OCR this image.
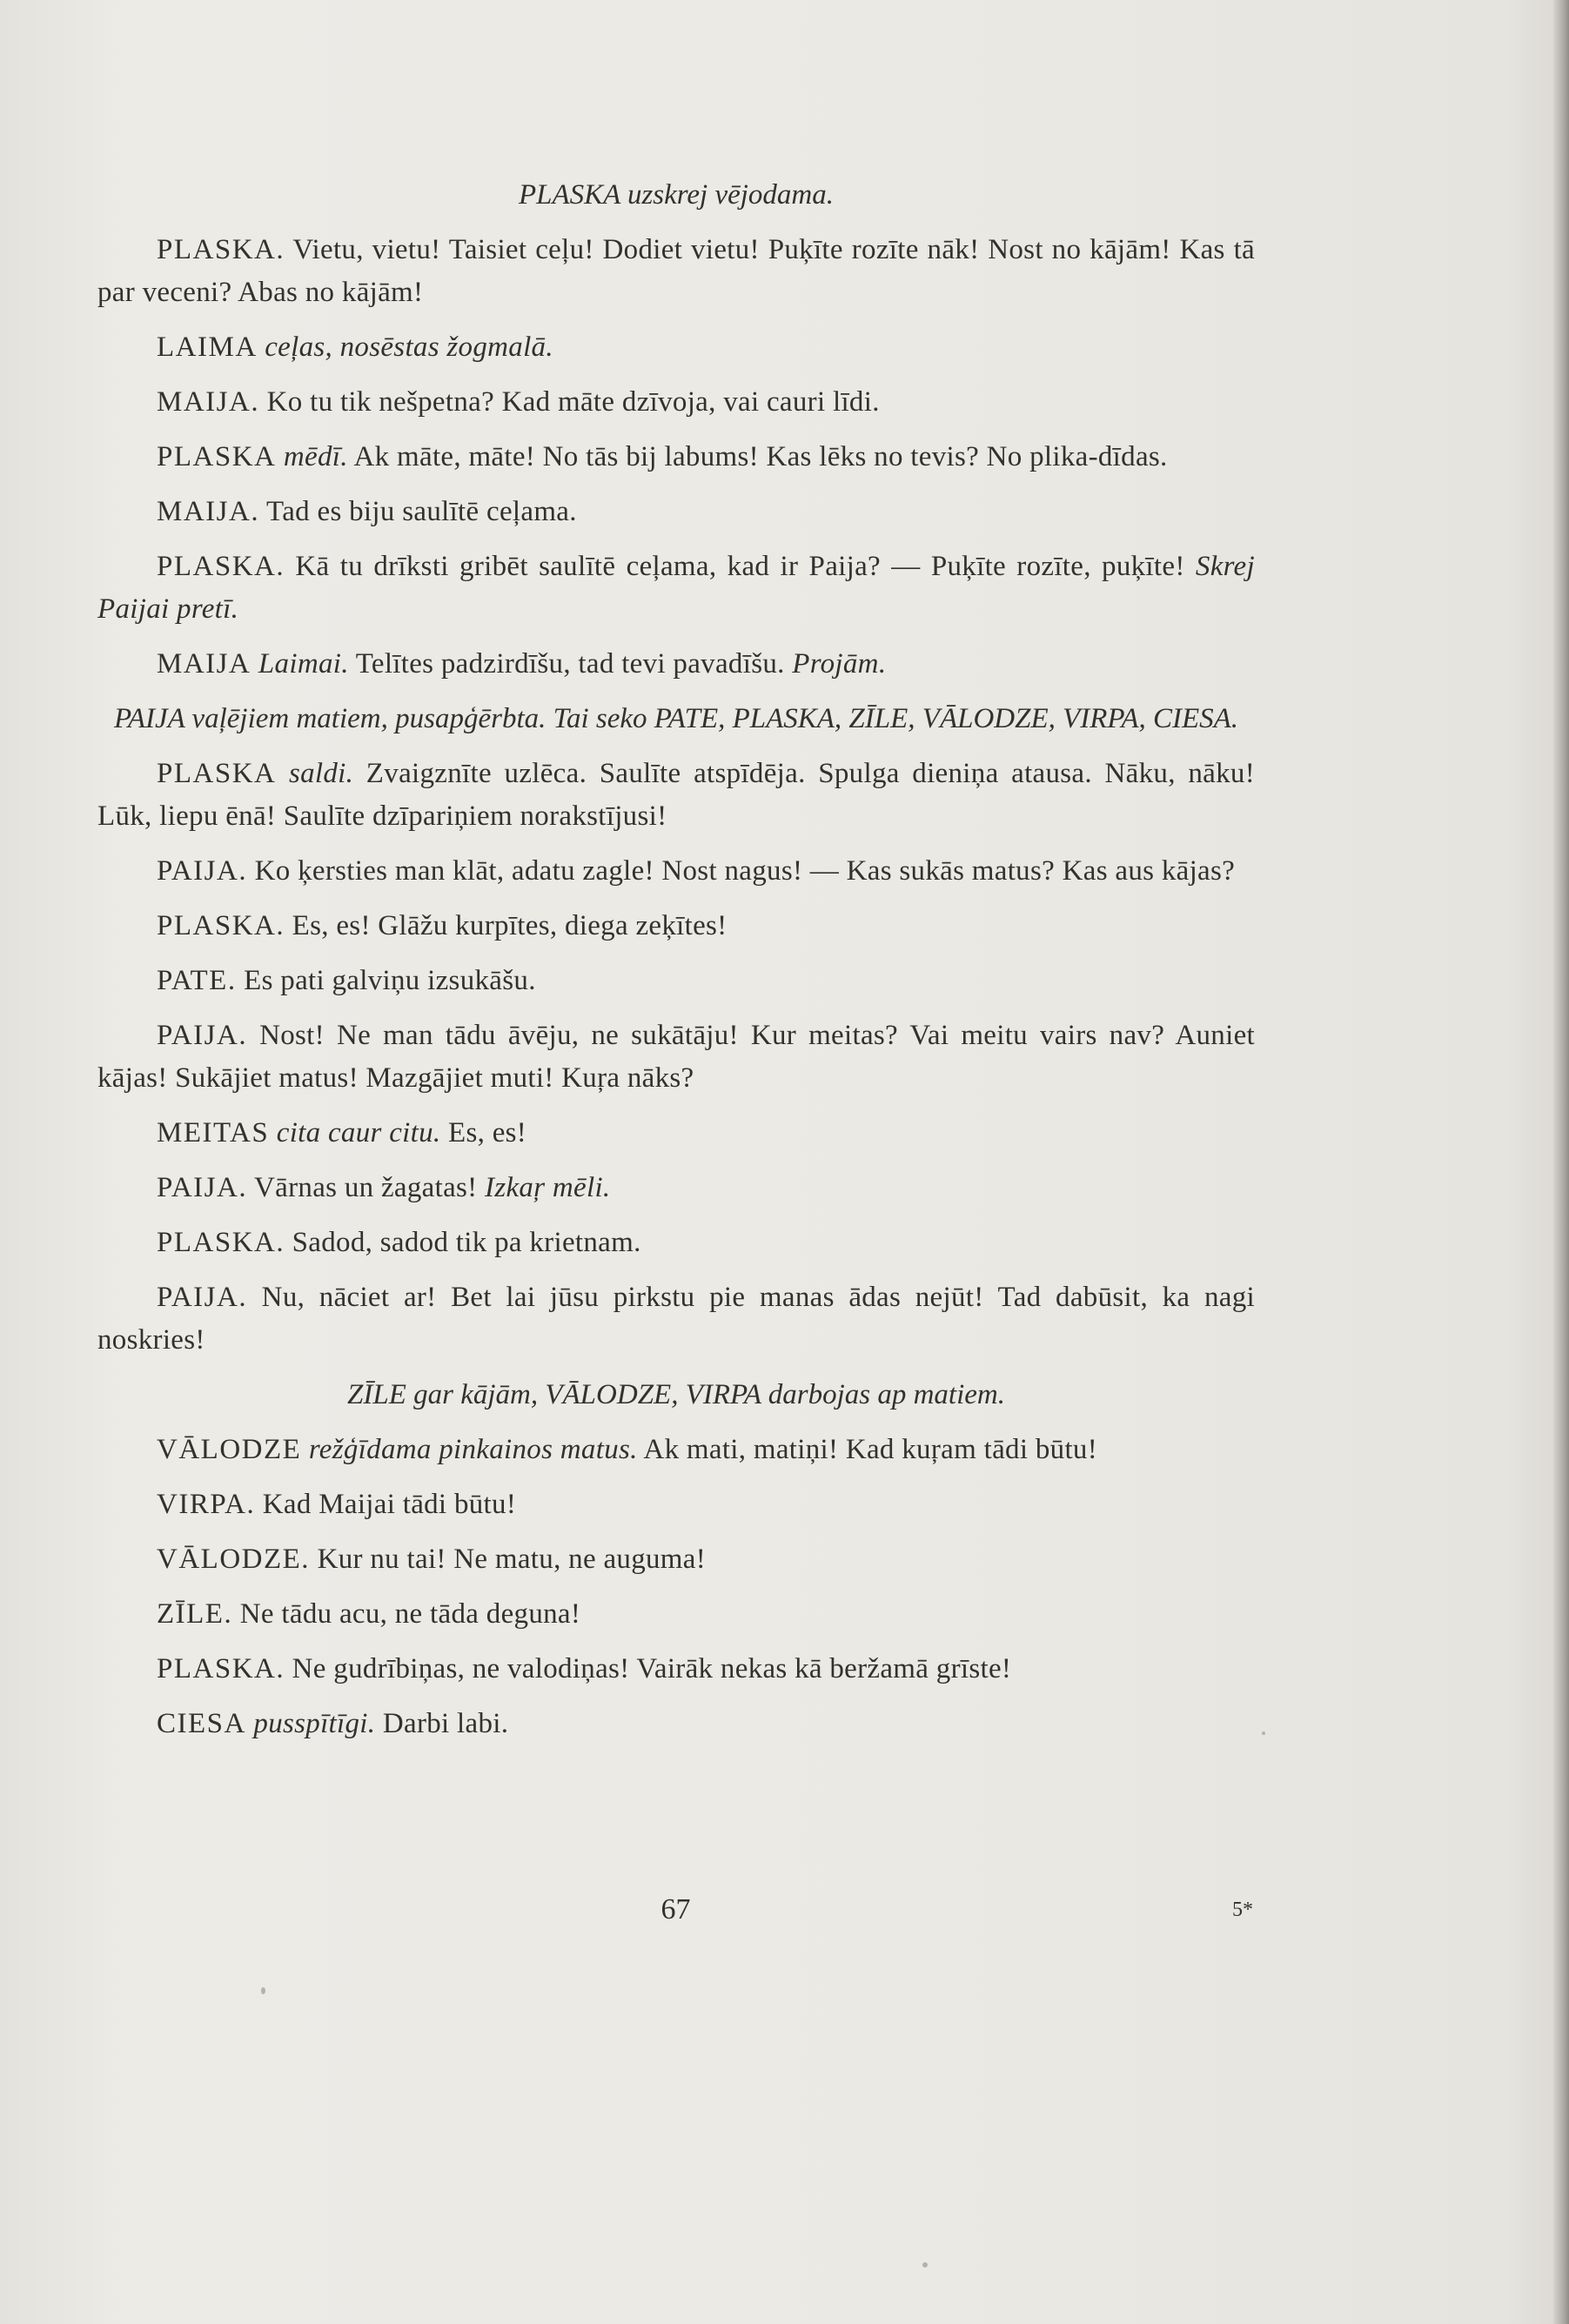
PLASKA uzskrej vējodama.

PLASKA. Vietu, vietu! Taisiet ceļu! Dodiet vietu! Puķīte rozīte nāk! Nost no kājām! Kas tā par veceni? Abas no kājām!

LAIMA ceļas, nosēstas žogmalā.

MAIJA. Ko tu tik nešpetna? Kad māte dzīvoja, vai cauri līdi.

PLASKA mēdī. Ak māte, māte! No tās bij labums! Kas lēks no tevis? No plika-dīdas.

MAIJA. Tad es biju saulītē ceļama.

PLASKA. Kā tu drīksti gribēt saulītē ceļama, kad ir Paija? — Puķīte rozīte, puķīte! Skrej Paijai pretī.

MAIJA Laimai. Telītes padzirdīšu, tad tevi pavadīšu. Projām.

PAIJA vaļējiem matiem, pusapģērbta. Tai seko PATE, PLASKA, ZĪLE, VĀLODZE, VIRPA, CIESA.

PLASKA saldi. Zvaigznīte uzlēca. Saulīte atspīdēja. Spulga dieniņa atausa. Nāku, nāku! Lūk, liepu ēnā! Saulīte dzīpariņiem norakstījusi!

PAIJA. Ko ķersties man klāt, adatu zagle! Nost nagus! — Kas sukās matus? Kas aus kājas?

PLASKA. Es, es! Glāžu kurpītes, diega zeķītes!

PATE. Es pati galviņu izsukāšu.

PAIJA. Nost! Ne man tādu āvēju, ne sukātāju! Kur meitas? Vai meitu vairs nav? Auniet kājas! Sukājiet matus! Mazgājiet muti! Kuŗa nāks?

MEITAS cita caur citu. Es, es!

PAIJA. Vārnas un žagatas! Izkaŗ mēli.

PLASKA. Sadod, sadod tik pa krietnam.

PAIJA. Nu, nāciet ar! Bet lai jūsu pirkstu pie manas ādas nejūt! Tad dabūsit, ka nagi noskries!

ZĪLE gar kājām, VĀLODZE, VIRPA darbojas ap matiem.

VĀLODZE režģīdama pinkainos matus. Ak mati, matiņi! Kad kuŗam tādi būtu!

VIRPA. Kad Maijai tādi būtu!

VĀLODZE. Kur nu tai! Ne matu, ne auguma!

ZĪLE. Ne tādu acu, ne tāda deguna!

PLASKA. Ne gudrībiņas, ne valodiņas! Vairāk nekas kā beržamā grīste!

CIESA pusspītīgi. Darbi labi.

67	5*
